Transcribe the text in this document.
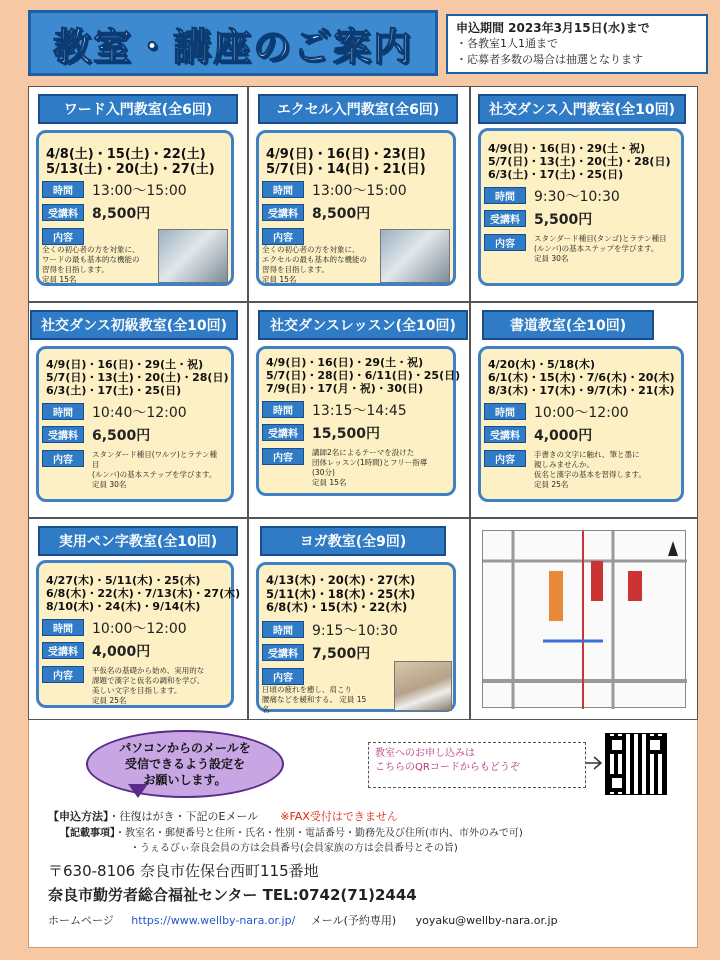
教室・講座のご案内	申込期間 2023年3月15日(水)まで
・各教室1人1通まで
・応募者多数の場合は抽選となります
ワード入門教室(全6回)
4/8(土)・15(土)・22(土)
5/13(土)・20(土)・27(土)
時間	13:00～15:00
受講料	8,500円
内容
全くの初心者の方を対象に、
ワードの最も基本的な機能の
習得を目指します。
定員 15名
エクセル入門教室(全6回)
4/9(日)・16(日)・23(日)
5/7(日)・14(日)・21(日)
時間	13:00～15:00
受講料	8,500円
内容
全くの初心者の方を対象に、
エクセルの最も基本的な機能の
習得を目指します。
定員 15名
社交ダンス入門教室(全10回)
4/9(日)・16(日)・29(土・祝)
5/7(日)・13(土)・20(土)・28(日)
6/3(土)・17(土)・25(日)
時間	9:30～10:30
受講料	5,500円
内容
スタンダード種目(タンゴ)とラテン種目
(ルンバ)の基本ステップを学びます。
定員 30名
社交ダンス初級教室(全10回)
4/9(日)・16(日)・29(土・祝)
5/7(日)・13(土)・20(土)・28(日)
6/3(土)・17(土)・25(日)
時間	10:40～12:00
受講料	6,500円
内容
スタンダード種目(ワルツ)とラテン種目
(ルンバ)の基本ステップを学びます。
定員 30名
社交ダンスレッスン(全10回)
4/9(日)・16(日)・29(土・祝)
5/7(日)・28(日)・6/11(日)・25(日)
7/9(日)・17(月・祝)・30(日)
時間	13:15～14:45
受講料	15,500円
内容
講師2名によるテーマを設けた
団体レッスン(1時間)とフリー指導
(30分)
定員 15名
書道教室(全10回)
4/20(木)・5/18(木)
6/1(木)・15(木)・7/6(木)・20(木)
8/3(木)・17(木)・9/7(木)・21(木)
時間	10:00～12:00
受講料	4,000円
内容
手書きの文字に触れ、筆と墨に
親しみませんか。
仮名と漢字の基本を習得します。
定員 25名
実用ペン字教室(全10回)
4/27(木)・5/11(木)・25(木)
6/8(木)・22(木)・7/13(木)・27(木)
8/10(木)・24(木)・9/14(木)
時間	10:00～12:00
受講料	4,000円
内容
平仮名の基礎から始め、実用的な
課題で漢字と仮名の調和を学び、
美しい文字を目指します。
定員 25名
ヨガ教室(全9回)
4/13(木)・20(木)・27(木)
5/11(木)・18(木)・25(木)
6/8(木)・15(木)・22(木)
時間	9:15～10:30
受講料	7,500円
内容
日頃の疲れを癒し、肩こり
腰痛などを緩和する。 定員 15名
パソコンからのメールを
受信できるよう設定を
お願いします。
教室へのお申し込みは
こちらのQRコードからもどうぞ
【申込方法】・往復はがき・下記のEメール　　 ※FAX受付はできません
【記載事項】・教室名・郵便番号と住所・氏名・性別・電話番号・勤務先及び住所(市内、市外のみで可)
・うぇるびぃ奈良会員の方は会員番号(会員家族の方は会員番号とその旨)
〒630-8106 奈良市佐保台西町115番地
奈良市勤労者総合福祉センター TEL:0742(71)2444
ホームページ https://www.wellby-nara.or.jp/ メール(予約専用) yoyaku@wellby-nara.or.jp
